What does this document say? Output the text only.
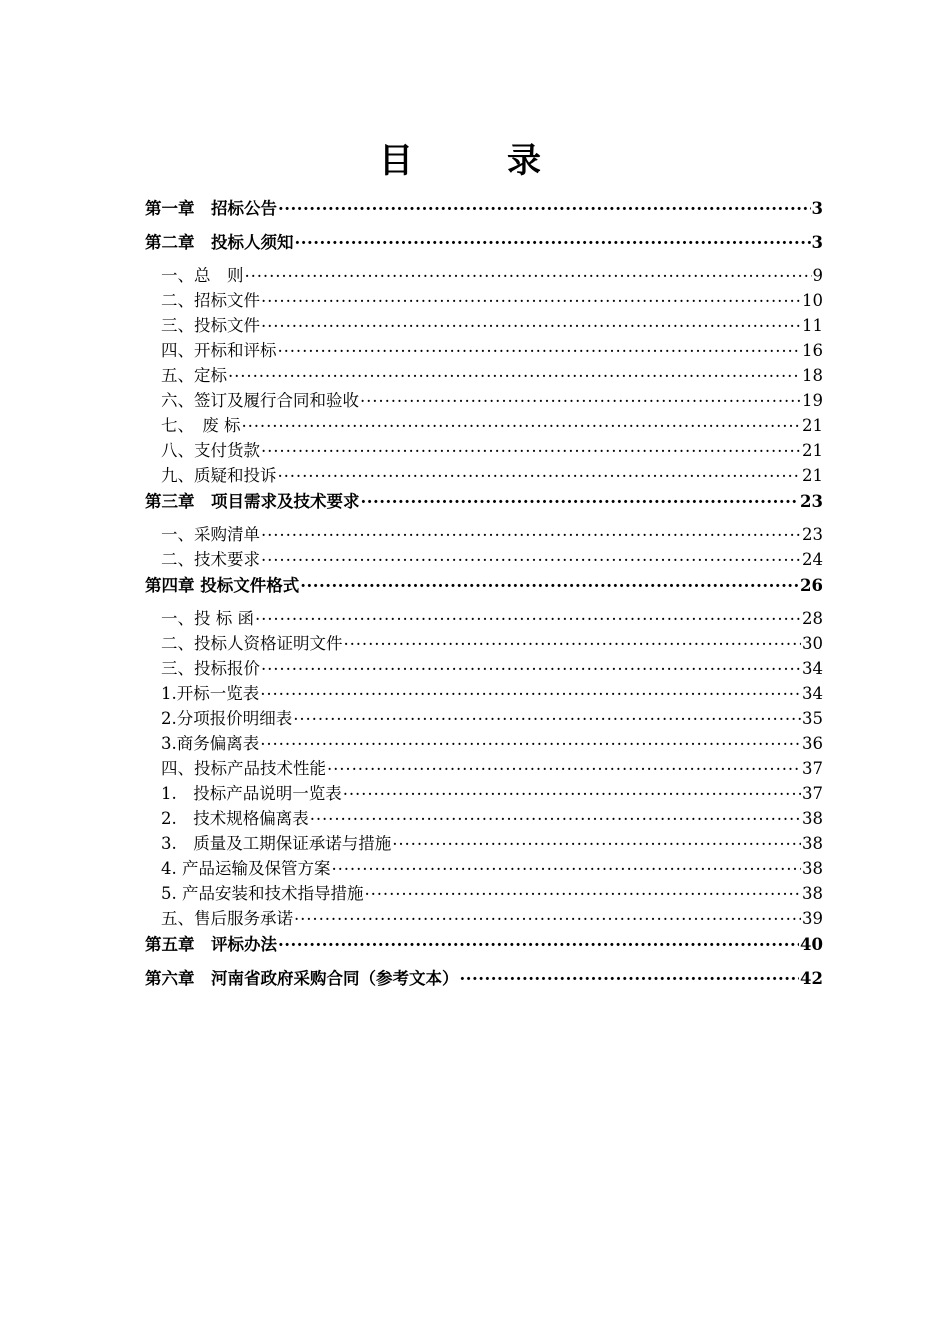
目　录
第一章　招标公告 .....	3
第二章　投标人须知 .....	3
一、总　则 .....	9
二、招标文件 .....	10
三、投标文件 .....	11
四、开标和评标 .....	16
五、定标 .....	18
六、签订及履行合同和验收 .....	19
七、　废 标 .....	21
八、支付货款 .....	21
九、质疑和投诉 .....	21
第三章　项目需求及技术要求 .....	23
一、采购清单 .....	23
二、技术要求 .....	24
第四章 投标文件格式 .....	26
一、投 标 函 .....	28
二、投标人资格证明文件 .....	30
三、投标报价 .....	34
1.开标一览表 .....	34
2.分项报价明细表 .....	35
3.商务偏离表 .....	36
四、投标产品技术性能 .....	37
1.　投标产品说明一览表 .....	37
2.　技术规格偏离表 .....	38
3.　质量及工期保证承诺与措施 .....	38
4. 产品运输及保管方案 .....	38
5. 产品安装和技术指导措施 .....	38
五、售后服务承诺 .....	39
第五章　评标办法 .....	40
第六章　河南省政府采购合同（参考文本） .....	42
